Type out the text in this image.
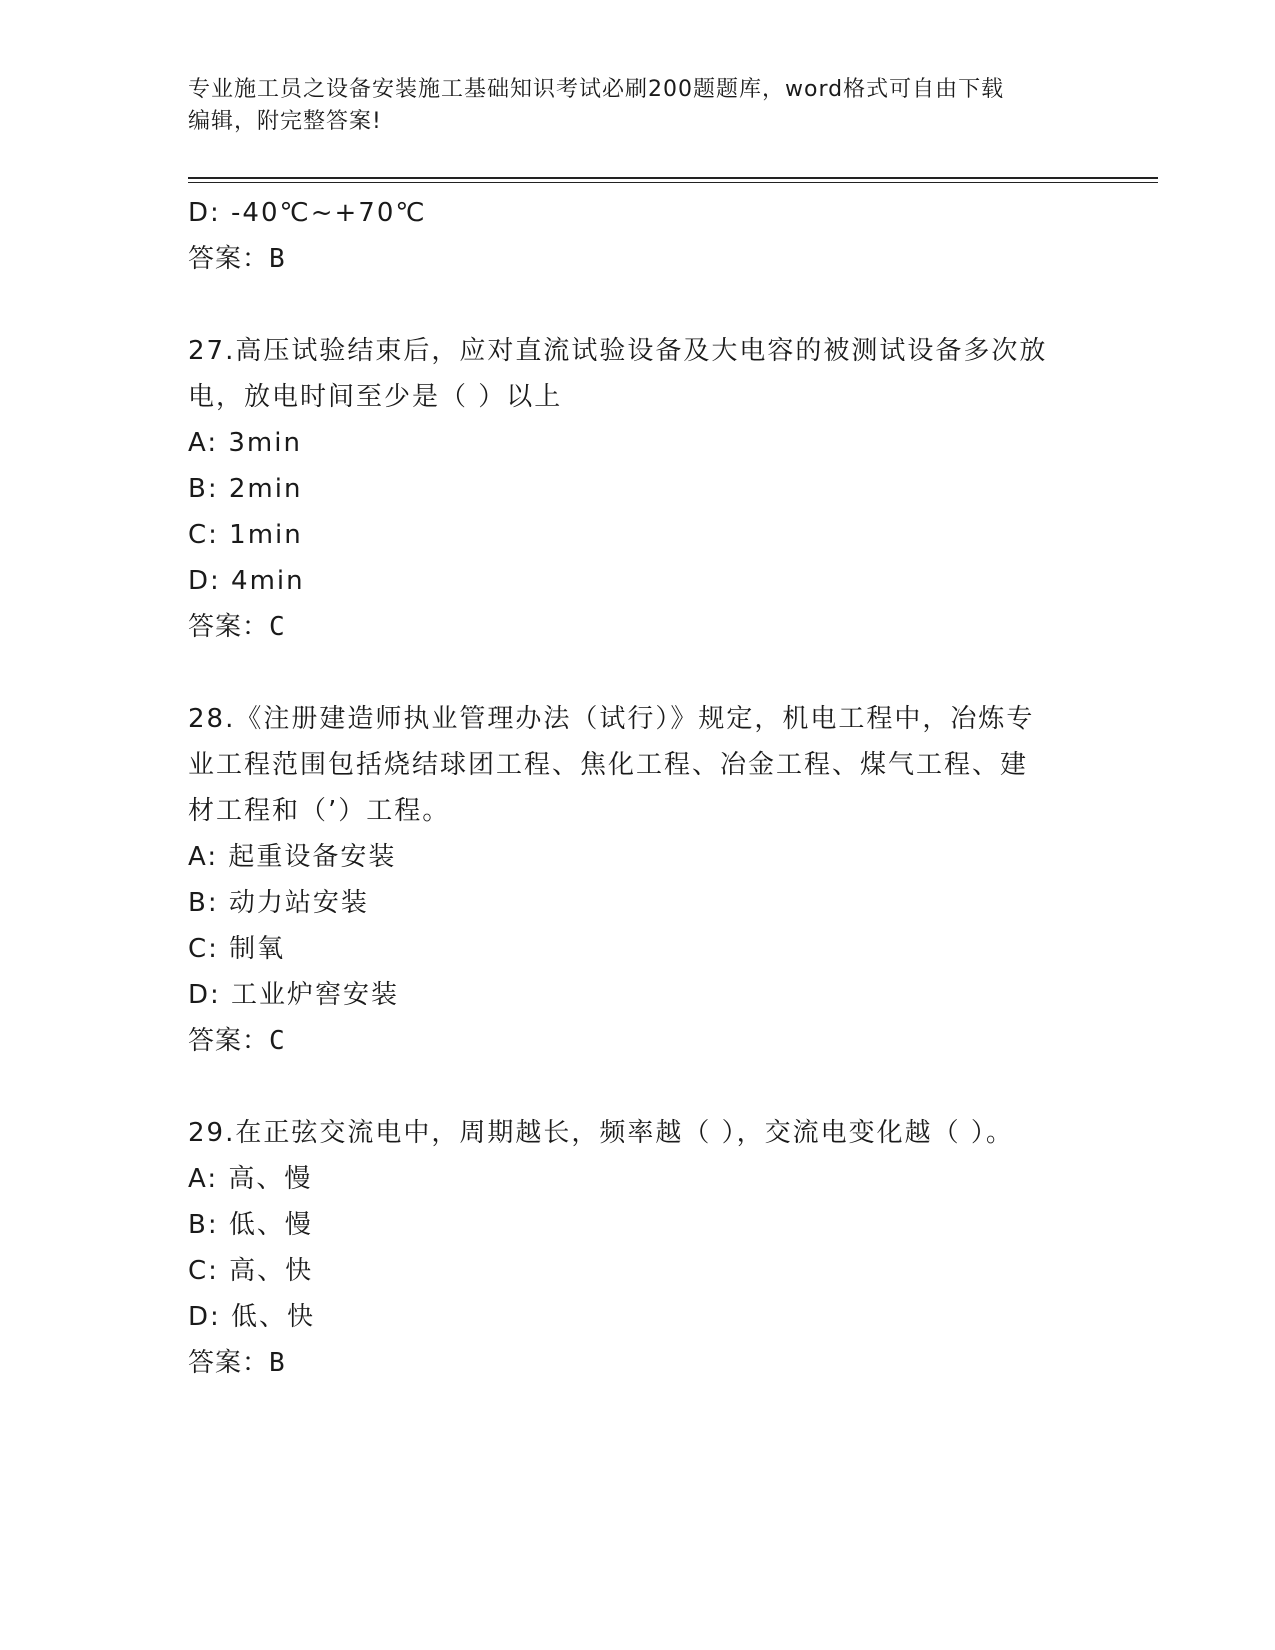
专业施工员之设备安装施工基础知识考试必刷200题题库，word格式可自由下载
编辑，附完整答案!
D: -40℃~+70℃
答案：B
27.高压试验结束后，应对直流试验设备及大电容的被测试设备多次放
电，放电时间至少是（ ）以上
A: 3min
B: 2min
C: 1min
D: 4min
答案：C
28.《注册建造师执业管理办法（试行）》规定，机电工程中，冶炼专
业工程范围包括烧结球团工程、焦化工程、冶金工程、煤气工程、建
材工程和（’）工程。
A: 起重设备安装
B: 动力站安装
C: 制氧
D: 工业炉窖安装
答案：C
29.在正弦交流电中，周期越长，频率越（ ），交流电变化越（ ）。
A: 高、慢
B: 低、慢
C: 高、快
D: 低、快
答案：B
